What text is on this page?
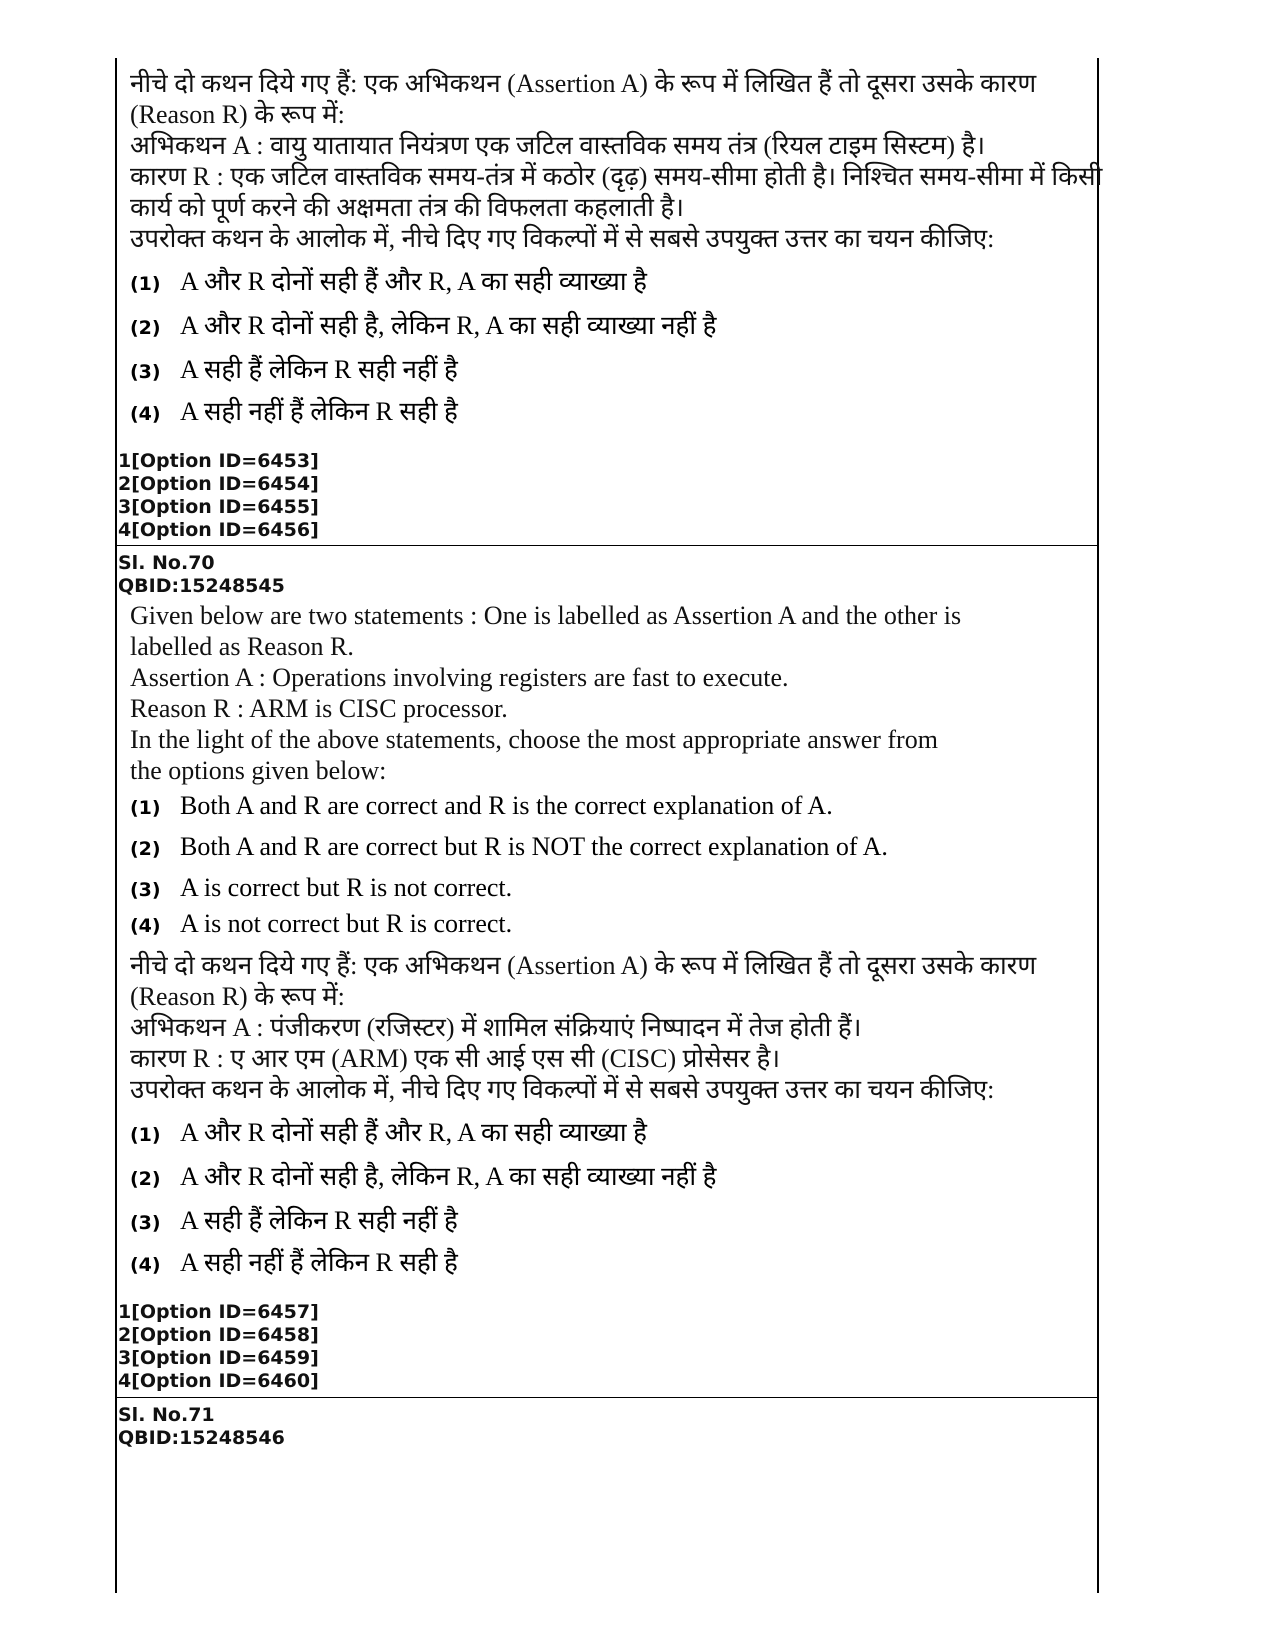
नीचे दो कथन दिये गए हैं: एक अभिकथन (Assertion A) के रूप में लिखित हैं तो दूसरा उसके कारण
(Reason R) के रूप में:
अभिकथन A : वायु यातायात नियंत्रण एक जटिल वास्तविक समय तंत्र (रियल टाइम सिस्टम) है।
कारण R : एक जटिल वास्तविक समय-तंत्र में कठोर (दृढ़) समय-सीमा होती है। निश्चित समय-सीमा में किसी
कार्य को पूर्ण करने की अक्षमता तंत्र की विफलता कहलाती है।
उपरोक्त कथन के आलोक में, नीचे दिए गए विकल्पों में से सबसे उपयुक्त उत्तर का चयन कीजिए:
(1) A और R दोनों सही हैं और R, A का सही व्याख्या है
(2) A और R दोनों सही है, लेकिन R, A का सही व्याख्या नहीं है
(3) A सही हैं लेकिन R सही नहीं है
(4) A सही नहीं हैं लेकिन R सही है
1[Option ID=6453]
2[Option ID=6454]
3[Option ID=6455]
4[Option ID=6456]
Sl. No.70
QBID:15248545
Given below are two statements : One is labelled as Assertion A and the other is
labelled as Reason R.
Assertion A : Operations involving registers are fast to execute.
Reason R : ARM is CISC processor.
In the light of the above statements, choose the most appropriate answer from
the options given below:
(1) Both A and R are correct and R is the correct explanation of A.
(2) Both A and R are correct but R is NOT the correct explanation of A.
(3) A is correct but R is not correct.
(4) A is not correct but R is correct.
नीचे दो कथन दिये गए हैं: एक अभिकथन (Assertion A) के रूप में लिखित हैं तो दूसरा उसके कारण
(Reason R) के रूप में:
अभिकथन A : पंजीकरण (रजिस्टर) में शामिल संक्रियाएं निष्पादन में तेज होती हैं।
कारण R : ए आर एम (ARM) एक सी आई एस सी (CISC) प्रोसेसर है।
उपरोक्त कथन के आलोक में, नीचे दिए गए विकल्पों में से सबसे उपयुक्त उत्तर का चयन कीजिए:
(1) A और R दोनों सही हैं और R, A का सही व्याख्या है
(2) A और R दोनों सही है, लेकिन R, A का सही व्याख्या नहीं है
(3) A सही हैं लेकिन R सही नहीं है
(4) A सही नहीं हैं लेकिन R सही है
1[Option ID=6457]
2[Option ID=6458]
3[Option ID=6459]
4[Option ID=6460]
Sl. No.71
QBID:15248546
